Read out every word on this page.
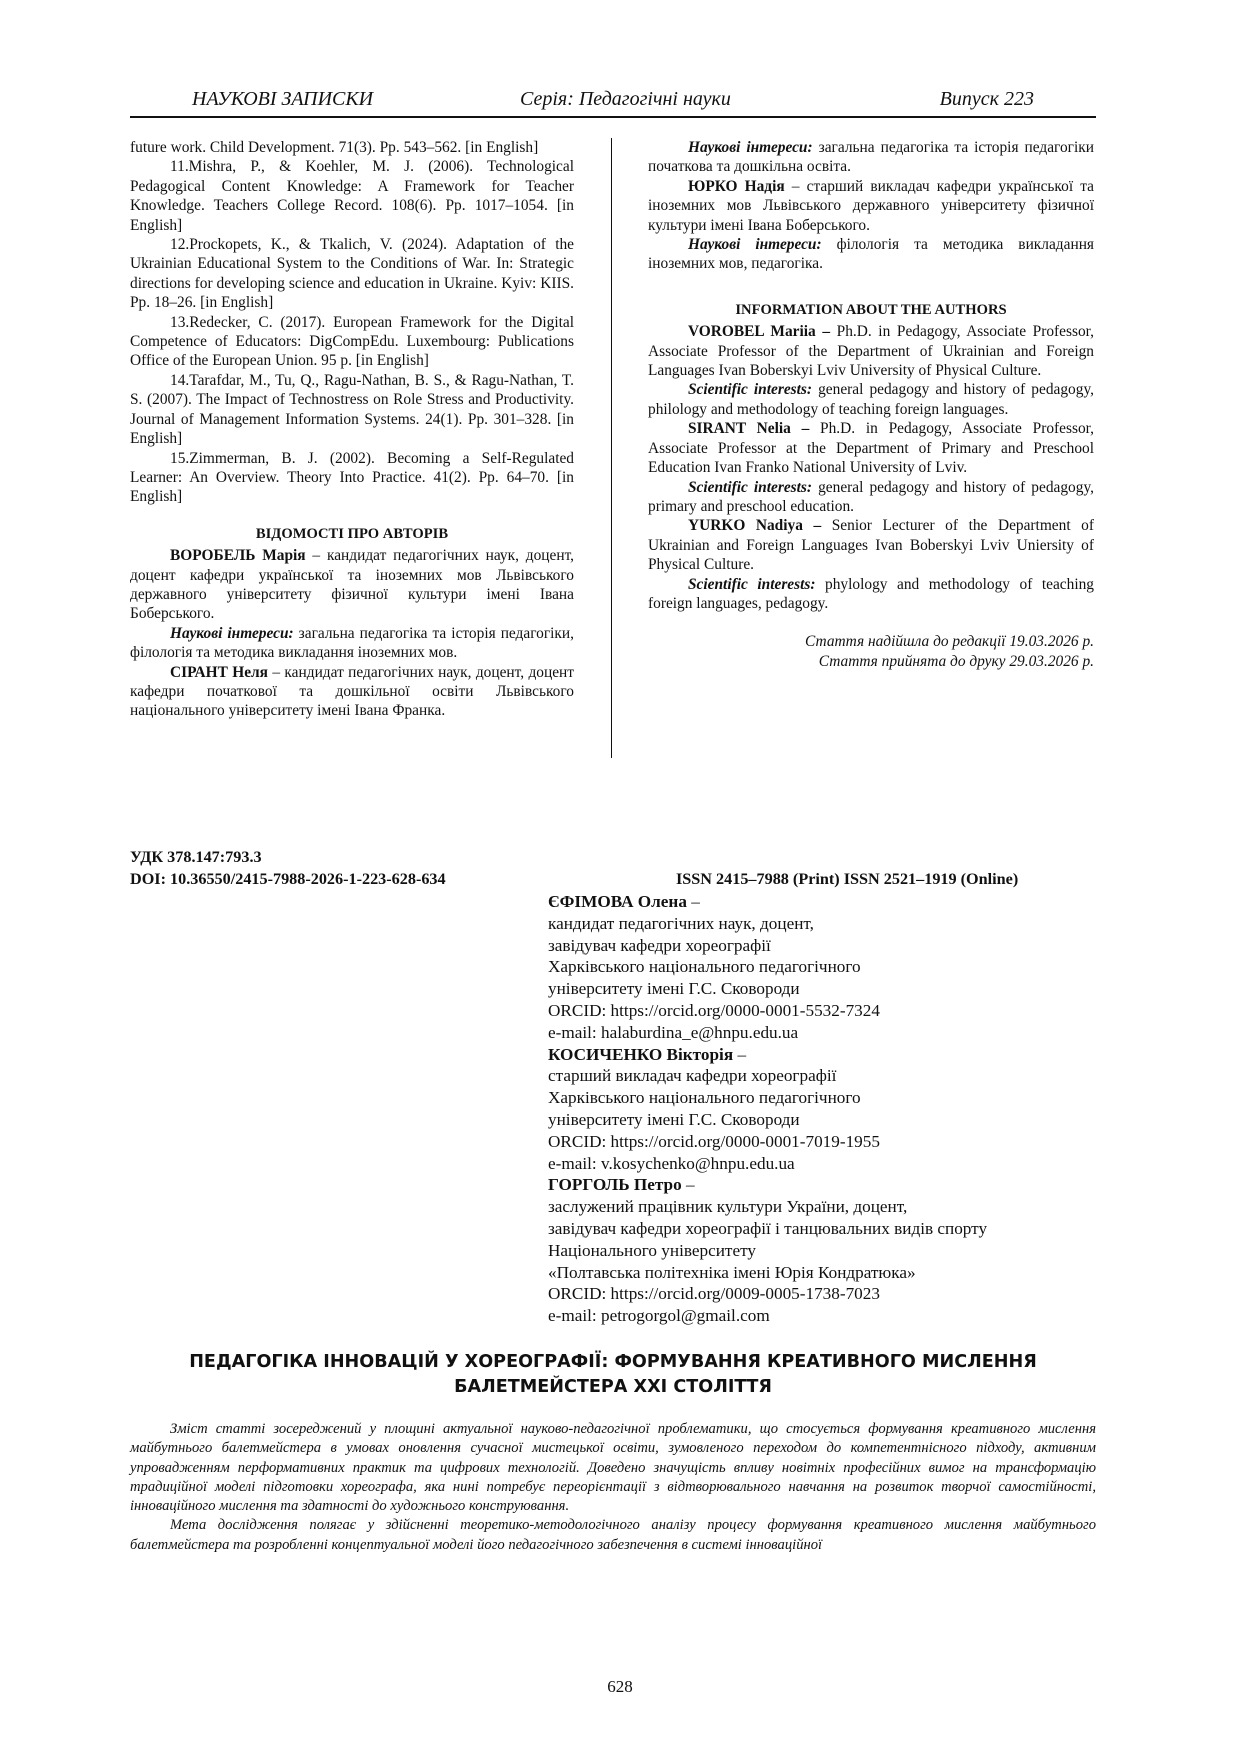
НАУКОВІ ЗАПИСКИ	Серія: Педагогічні науки	Випуск 223

future work. Child Development. 71(3). Pp. 543–562. [in English]

11.Mishra, P., & Koehler, M. J. (2006). Technological Pedagogical Content Knowledge: A Framework for Teacher Knowledge. Teachers College Record. 108(6). Pp. 1017–1054. [in English]

12.Prockopets, K., & Tkalich, V. (2024). Adaptation of the Ukrainian Educational System to the Conditions of War. In: Strategic directions for developing science and education in Ukraine. Kyiv: KIIS. Pp. 18–26. [in English]

13.Redecker, C. (2017). European Framework for the Digital Competence of Educators: DigCompEdu. Luxembourg: Publications Office of the European Union. 95 p. [in English]

14.Tarafdar, M., Tu, Q., Ragu-Nathan, B. S., & Ragu-Nathan, T. S. (2007). The Impact of Technostress on Role Stress and Productivity. Journal of Management Information Systems. 24(1). Pp. 301–328. [in English]

15.Zimmerman, B. J. (2002). Becoming a Self-Regulated Learner: An Overview. Theory Into Practice. 41(2). Pp. 64–70. [in English]

ВІДОМОСТІ ПРО АВТОРІВ

ВОРОБЕЛЬ Марія – кандидат педагогічних наук, доцент, доцент кафедри української та іноземних мов Львівського державного університету фізичної культури імені Івана Боберського.

Наукові інтереси: загальна педагогіка та історія педагогіки, філологія та методика викладання іноземних мов.

СІРАНТ Неля – кандидат педагогічних наук, доцент, доцент кафедри початкової та дошкільної освіти Львівського національного університету імені Івана Франка.

Наукові інтереси: загальна педагогіка та історія педагогіки початкова та дошкільна освіта.

ЮРКО Надія – старший викладач кафедри української та іноземних мов Львівського державного університету фізичної культури імені Івана Боберського.

Наукові інтереси: філологія та методика викладання іноземних мов, педагогіка.

INFORMATION ABOUT THE AUTHORS

VOROBEL Mariia – Ph.D. in Pedagogy, Associate Professor, Associate Professor of the Department of Ukrainian and Foreign Languages Ivan Boberskyi Lviv University of Physical Culture.

Scientific interests: general pedagogy and history of pedagogy, philology and methodology of teaching foreign languages.

SIRANT Nelia – Ph.D. in Pedagogy, Associate Professor, Associate Professor at the Department of Primary and Preschool Education Ivan Franko National University of Lviv.

Scientific interests: general pedagogy and history of pedagogy, primary and preschool education.

YURKO Nadiya – Senior Lecturer of the Department of Ukrainian and Foreign Languages Ivan Boberskyi Lviv Uniersity of Physical Culture.

Scientific interests: phylology and methodology of teaching foreign languages, pedagogy.

Стаття надійшла до редакції 19.03.2026 р.

Стаття прийнята до друку 29.03.2026 р.

УДК 378.147:793.3
DOI: 10.36550/2415-7988-2026-1-223-628-634	ISSN 2415–7988 (Print) ISSN 2521–1919 (Online)
ЄФІМОВА Олена –
кандидат педагогічних наук, доцент,
завідувач кафедри хореографії
Харківського національного педагогічного
університету імені Г.С. Сковороди
ORCID: https://orcid.org/0000-0001-5532-7324
e-mail: halaburdina_e@hnpu.edu.ua
КОСИЧЕНКО Вікторія –
старший викладач кафедри хореографії
Харківського національного педагогічного
університету імені Г.С. Сковороди
ORCID: https://orcid.org/0000-0001-7019-1955
e-mail: v.kosychenko@hnpu.edu.ua
ГОРГОЛЬ Петро –
заслужений працівник культури України, доцент,
завідувач кафедри хореографії і танцювальних видів спорту
Національного університету
«Полтавська політехніка імені Юрія Кондратюка»
ORCID: https://orcid.org/0009-0005-1738-7023
e-mail: petrogorgol@gmail.com
ПЕДАГОГІКА ІННОВАЦІЙ У ХОРЕОГРАФІЇ: ФОРМУВАННЯ КРЕАТИВНОГО МИСЛЕННЯ
БАЛЕТМЕЙСТЕРА XXI СТОЛІТТЯ

Зміст статті зосереджений у площині актуальної науково-педагогічної проблематики, що стосується формування креативного мислення майбутнього балетмейстера в умовах оновлення сучасної мистецької освіти, зумовленого переходом до компетентнісного підходу, активним упровадженням перформативних практик та цифрових технологій. Доведено значущість впливу новітніх професійних вимог на трансформацію традиційної моделі підготовки хореографа, яка нині потребує переорієнтації з відтворювального навчання на розвиток творчої самостійності, інноваційного мислення та здатності до художнього конструювання.

Мета дослідження полягає у здійсненні теоретико-методологічного аналізу процесу формування креативного мислення майбутнього балетмейстера та розробленні концептуальної моделі його педагогічного забезпечення в системі інноваційної

628
